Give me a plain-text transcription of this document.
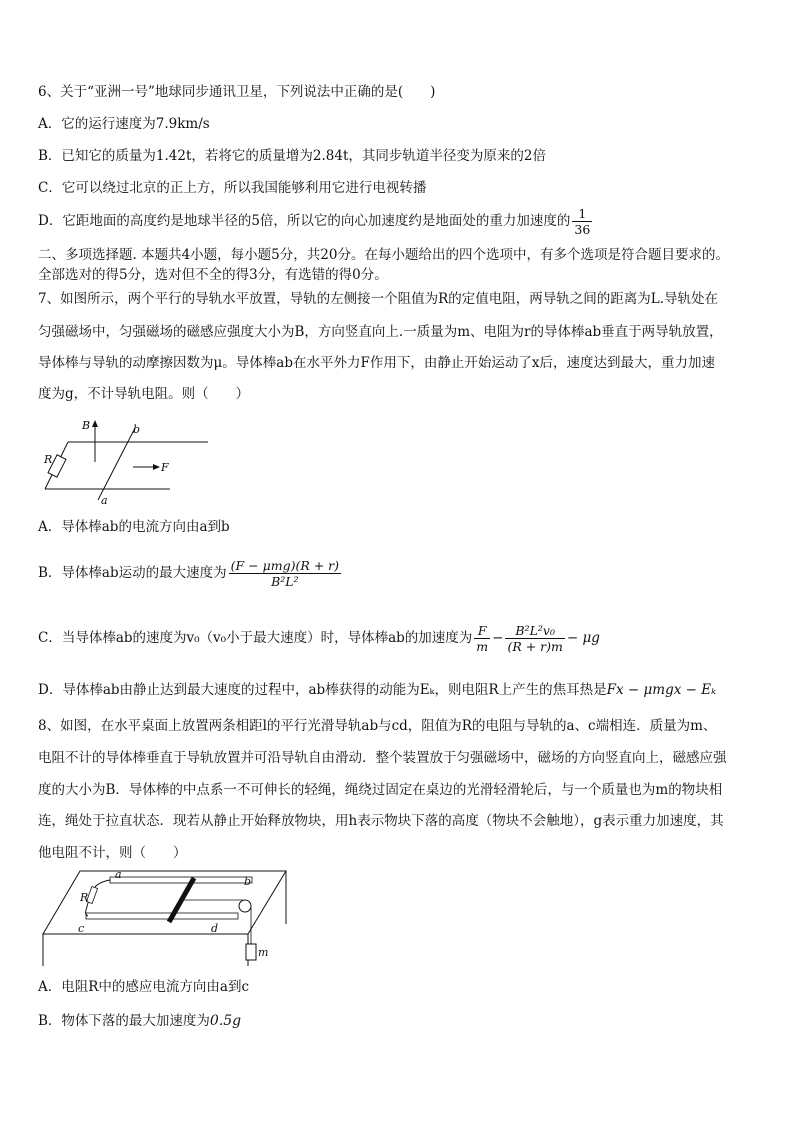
6、关于“亚洲一号”地球同步通讯卫星，下列说法中正确的是(　　)
A．它的运行速度为7.9km/s
B．已知它的质量为1.42t，若将它的质量增为2.84t，其同步轨道半径变为原来的2倍
C．它可以绕过北京的正上方，所以我国能够利用它进行电视转播
D．它距地面的高度约是地球半径的5倍，所以它的向心加速度约是地面处的重力加速度的 $\frac{1}{36}$
二、多项选择题. 本题共4小题，每小题5分，共20分。在每小题给出的四个选项中，有多个选项是符合题目要求的。
全部选对的得5分，选对但不全的得3分，有选错的得0分。
7、如图所示，两个平行的导轨水平放置，导轨的左侧接一个阻值为R的定值电阻，两导轨之间的距离为L.导轨处在
匀强磁场中，匀强磁场的磁感应强度大小为B，方向竖直向上.一质量为m、电阻为r的导体棒ab垂直于两导轨放置，
导体棒与导轨的动摩擦因数为μ。导体棒ab在水平外力F作用下，由静止开始运动了x后，速度达到最大，重力加速
度为g，不计导轨电阻。则（　　）
B	b
R
F
a
A．导体棒ab的电流方向由a到b
B．导体棒ab运动的最大速度为 $\frac{\text{(F − μmg)(R + r)}}{\text{B²L²}}$
C．当导体棒ab的速度为v₀（v₀小于最大速度）时，导体棒ab的加速度为 $\frac{F}{m} - \frac{\text{B²L²v₀}}{(R + r)m} - \mu g$
D．导体棒ab由静止达到最大速度的过程中，ab棒获得的动能为Eₖ，则电阻R上产生的焦耳热是Fx − μmgx − Eₖ
8、如图，在水平桌面上放置两条相距l的平行光滑导轨ab与cd，阻值为R的电阻与导轨的a、c端相连．质量为m、
电阻不计的导体棒垂直于导轨放置并可沿导轨自由滑动．整个装置放于匀强磁场中，磁场的方向竖直向上，磁感应强
度的大小为B．导体棒的中点系一不可伸长的轻绳，绳绕过固定在桌边的光滑轻滑轮后，与一个质量也为m的物块相
连，绳处于拉直状态．现若从静止开始释放物块，用h表示物块下落的高度（物块不会触地），g表示重力加速度，其
他电阻不计，则（　　）
a
b
R
c	d
m
A．电阻R中的感应电流方向由a到c
B．物体下落的最大加速度为0.5g
